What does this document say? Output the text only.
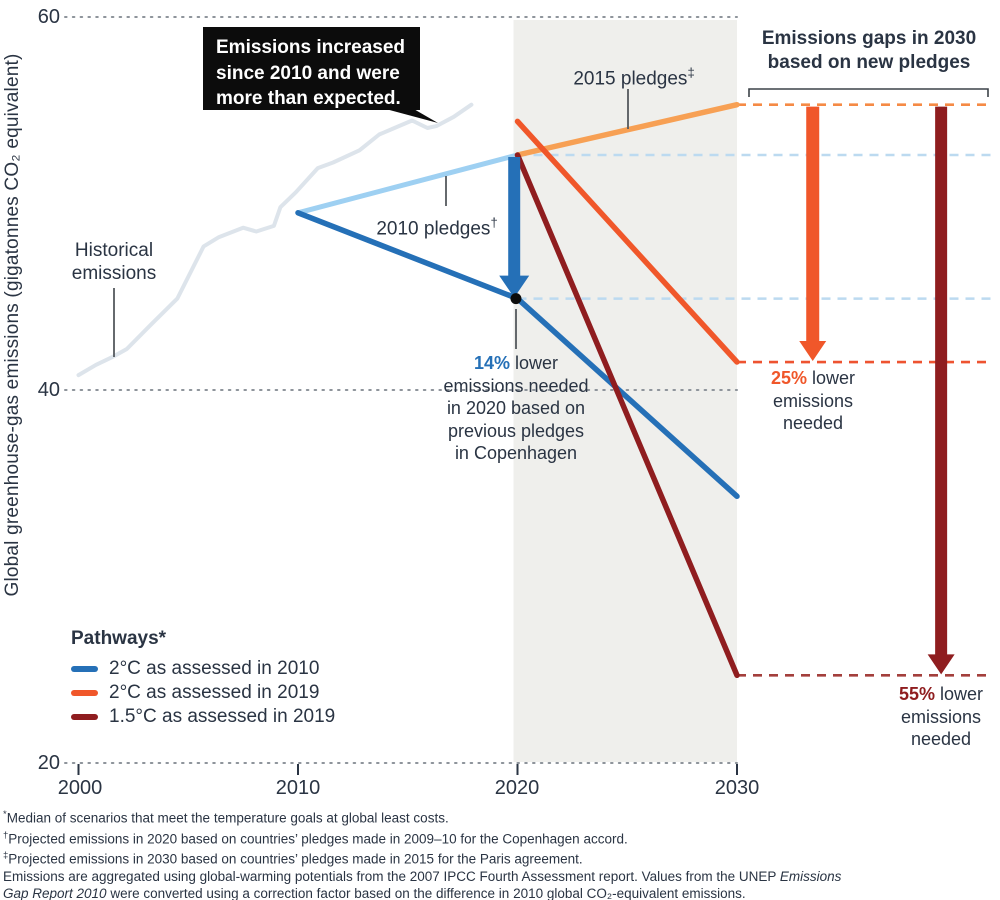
Global greenhouse-gas emissions (gigatonnes CO₂ equivalent)
60
40
20
2000	2010	2020	2030
Emissions increased
since 2010 and were
more than expected.
Historical
emissions
2010 pledges†
2015 pledges‡
Emissions gaps in 2030
based on new pledges
14% lower
emissions needed
in 2020 based on
previous pledges
in Copenhagen
25% lower
emissions
needed
55% lower
emissions
needed
Pathways*
2°C as assessed in 2010
2°C as assessed in 2019
1.5°C as assessed in 2019
*Median of scenarios that meet the temperature goals at global least costs.
†Projected emissions in 2020 based on countries’ pledges made in 2009–10 for the Copenhagen accord.
‡Projected emissions in 2030 based on countries’ pledges made in 2015 for the Paris agreement.
Emissions are aggregated using global-warming potentials from the 2007 IPCC Fourth Assessment report. Values from the UNEP Emissions
Gap Report 2010 were converted using a correction factor based on the difference in 2010 global CO₂-equivalent emissions.
